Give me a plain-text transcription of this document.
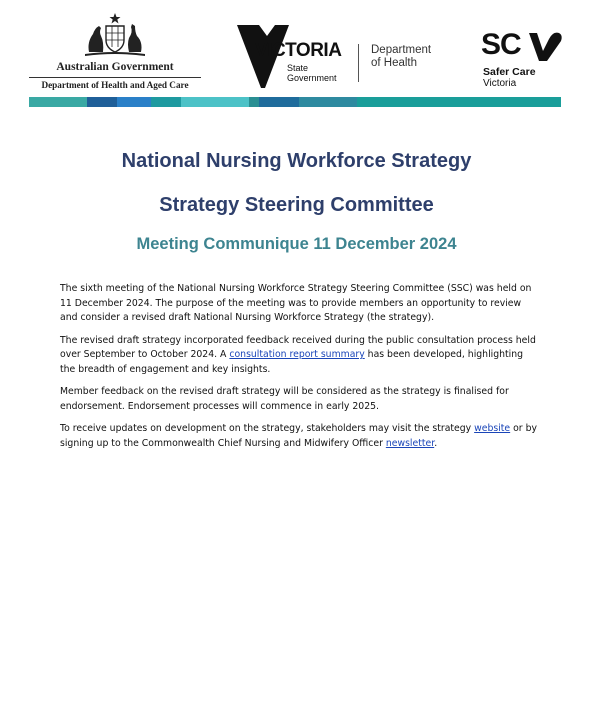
Australian Government
Department of Health and Aged Care
VICTORIA
State
Government
Department
of Health
SC
Safer Care
Victoria
National Nursing Workforce Strategy
Strategy Steering Committee
Meeting Communique 11 December 2024

The sixth meeting of the National Nursing Workforce Strategy Steering Committee (SSC) was held on 11 December 2024. The purpose of the meeting was to provide members an opportunity to review and consider a revised draft National Nursing Workforce Strategy (the strategy).

The revised draft strategy incorporated feedback received during the public consultation process held over September to October 2024. A consultation report summary has been developed, highlighting the breadth of engagement and key insights.

Member feedback on the revised draft strategy will be considered as the strategy is finalised for endorsement. Endorsement processes will commence in early 2025.

To receive updates on development on the strategy, stakeholders may visit the strategy website or by signing up to the Commonwealth Chief Nursing and Midwifery Officer newsletter.
